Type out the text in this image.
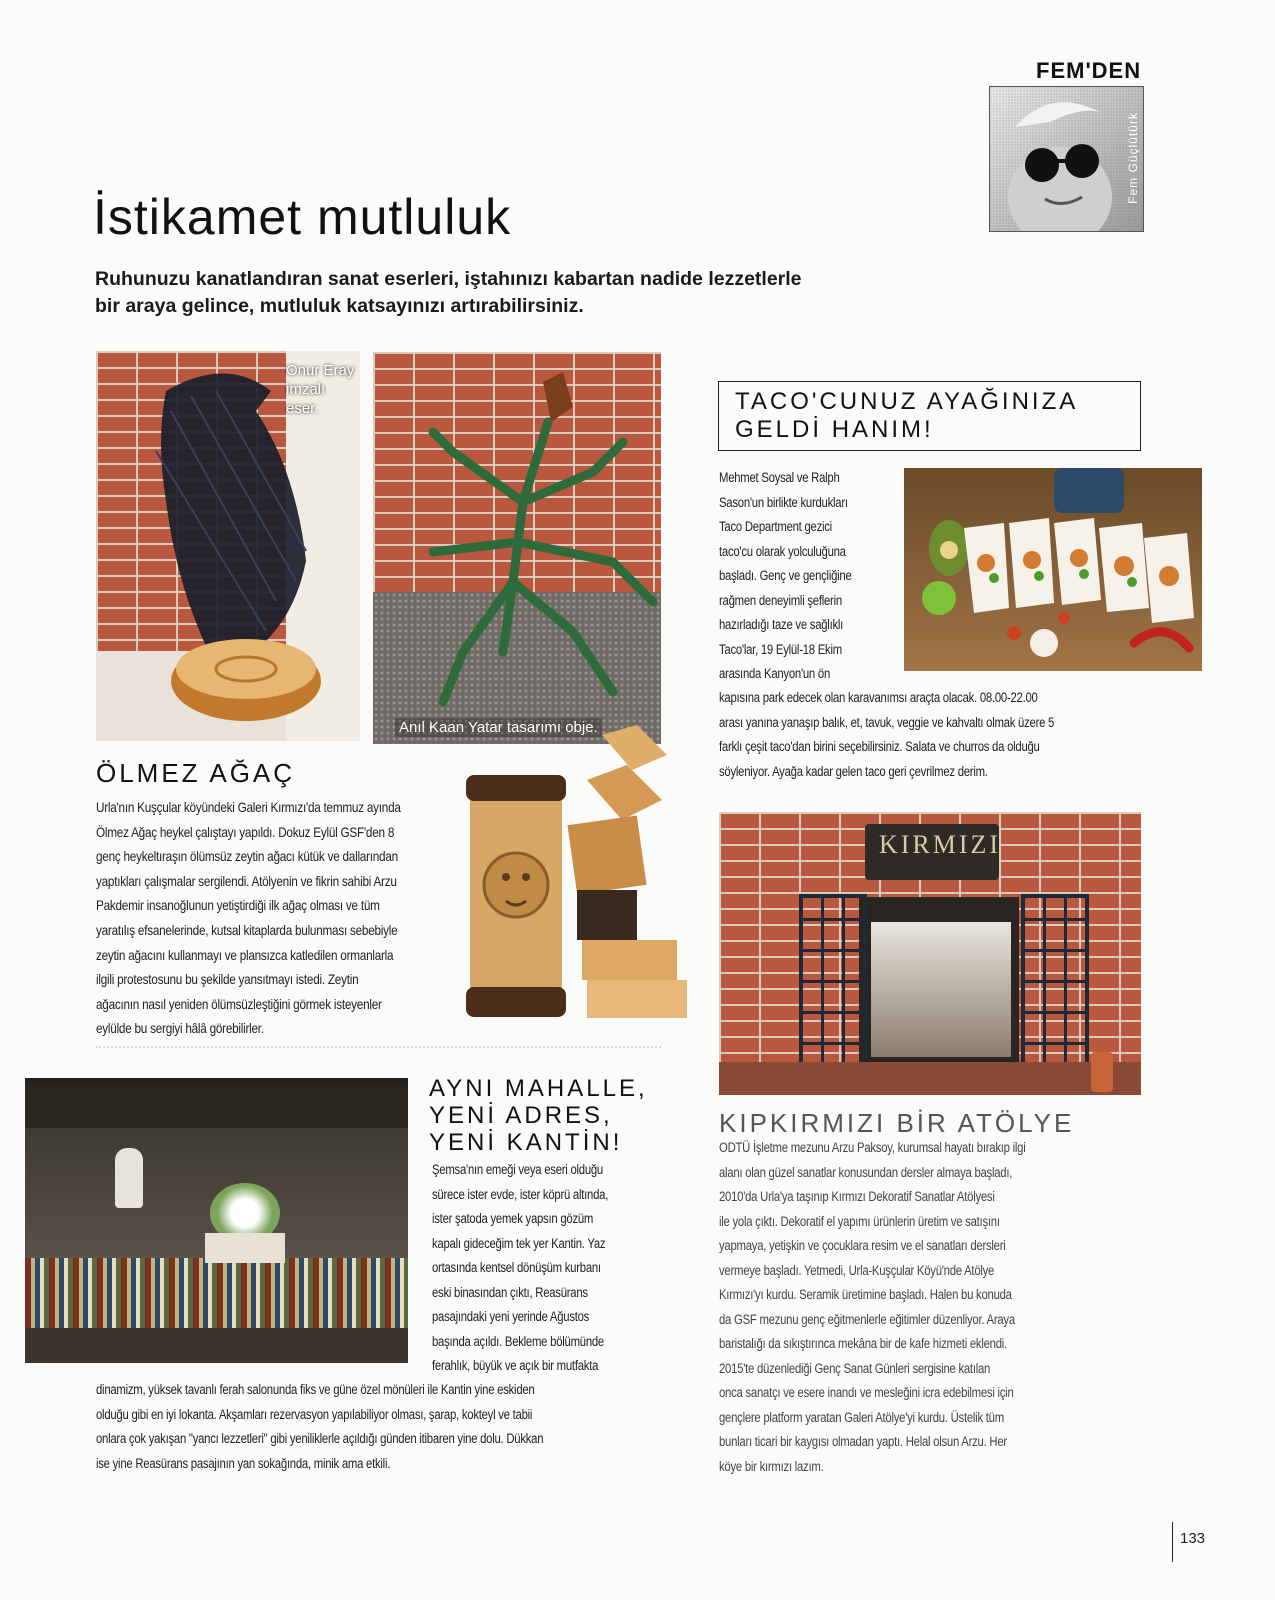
FEM'DEN
Fem Güçlütürk
İstikamet mutluluk
Ruhunuzu kanatlandıran sanat eserleri, iştahınızı kabartan nadide lezzetlerle
bir araya gelince, mutluluk katsayınızı artırabilirsiniz.
Onur Eray
imzalı
eser.
Anıl Kaan Yatar tasarımı obje.
ÖLMEZ AĞAÇ
Urla'nın Kuşçular köyündeki Galeri Kırmızı'da temmuz ayında
Ölmez Ağaç heykel çalıştayı yapıldı. Dokuz Eylül GSF'den 8
genç heykeltıraşın ölümsüz zeytin ağacı kütük ve dallarından
yaptıkları çalışmalar sergilendi. Atölyenin ve fikrin sahibi Arzu
Pakdemir insanoğlunun yetiştirdiği ilk ağaç olması ve tüm
yaratılış efsanelerinde, kutsal kitaplarda bulunması sebebiyle
zeytin ağacını kullanmayı ve plansızca katledilen ormanlarla
ilgili protestosunu bu şekilde yansıtmayı istedi. Zeytin
ağacının nasıl yeniden ölümsüzleştiğini görmek isteyenler
eylülde bu sergiyi hâlâ görebilirler.
TACO'CUNUZ AYAĞINIZA
GELDİ HANIM!
Mehmet Soysal ve Ralph
Sason'un birlikte kurdukları
Taco Department gezici
taco'cu olarak yolculuğuna
başladı. Genç ve gençliğine
rağmen deneyimli şeflerin
hazırladığı taze ve sağlıklı
Taco'lar, 19 Eylül-18 Ekim
arasında Kanyon'un ön
kapısına park edecek olan karavanımsı araçta olacak. 08.00-22.00
arası yanına yanaşıp balık, et, tavuk, veggie ve kahvaltı olmak üzere 5
farklı çeşit taco'dan birini seçebilirsiniz. Salata ve churros da olduğu
söyleniyor. Ayağa kadar gelen taco geri çevrilmez derim.
KIRMIZI
AYNI MAHALLE,
YENİ ADRES,
YENİ KANTİN!
Şemsa'nın emeği veya eseri olduğu
sürece ister evde, ister köprü altında,
ister şatoda yemek yapsın gözüm
kapalı gideceğim tek yer Kantin. Yaz
ortasında kentsel dönüşüm kurbanı
eski binasından çıktı, Reasürans
pasajındaki yeni yerinde Ağustos
başında açıldı. Bekleme bölümünde
ferahlık, büyük ve açık bir mutfakta
dinamizm, yüksek tavanlı ferah salonunda fiks ve güne özel mönüleri ile Kantin yine eskiden
olduğu gibi en iyi lokanta. Akşamları rezervasyon yapılabiliyor olması, şarap, kokteyl ve tabii
onlara çok yakışan "yancı lezzetleri" gibi yeniliklerle açıldığı günden itibaren yine dolu. Dükkan
ise yine Reasürans pasajının yan sokağında, minik ama etkili.
KIPKIRMIZI BİR ATÖLYE
ODTÜ İşletme mezunu Arzu Paksoy, kurumsal hayatı bırakıp ilgi
alanı olan güzel sanatlar konusundan dersler almaya başladı,
2010'da Urla'ya taşınıp Kırmızı Dekoratif Sanatlar Atölyesi
ile yola çıktı. Dekoratif el yapımı ürünlerin üretim ve satışını
yapmaya, yetişkin ve çocuklara resim ve el sanatları dersleri
vermeye başladı. Yetmedi, Urla-Kuşçular Köyü'nde Atölye
Kırmızı'yı kurdu. Seramik üretimine başladı. Halen bu konuda
da GSF mezunu genç eğitmenlerle eğitimler düzenliyor. Araya
baristalığı da sıkıştırınca mekâna bir de kafe hizmeti eklendi.
2015'te düzenlediği Genç Sanat Günleri sergisine katılan
onca sanatçı ve esere inandı ve mesleğini icra edebilmesi için
gençlere platform yaratan Galeri Atölye'yi kurdu. Üstelik tüm
bunları ticari bir kaygısı olmadan yaptı. Helal olsun Arzu. Her
köye bir kırmızı lazım.
133
